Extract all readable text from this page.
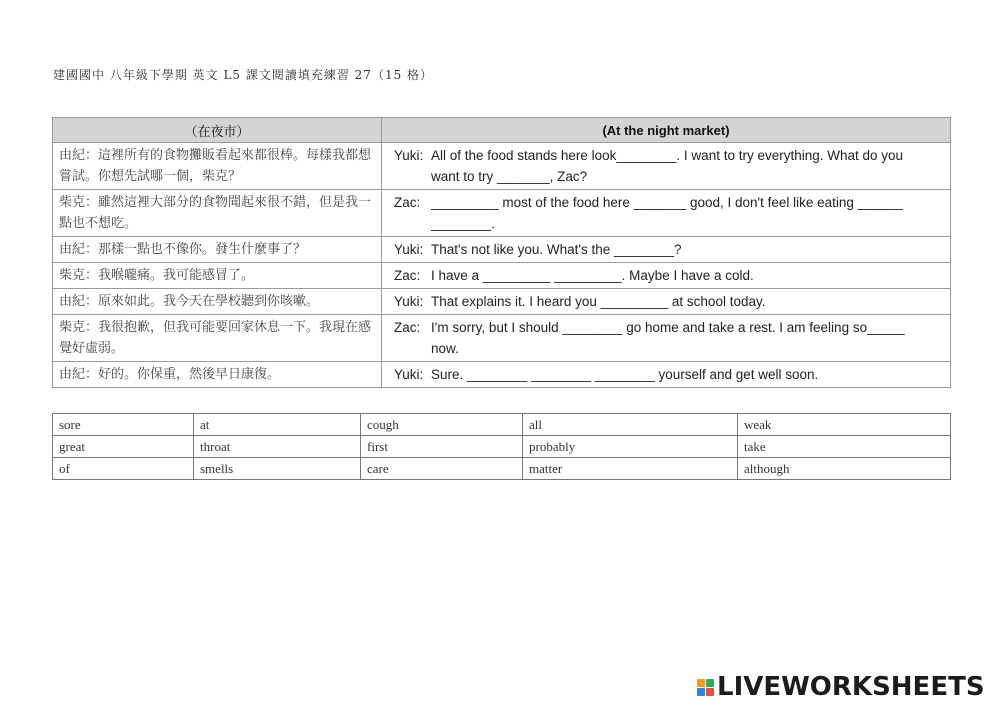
建國國中 八年級下學期 英文 L5 課文閱讀填充練習 27（15 格）
（在夜市）	(At the night market)
由紀：這裡所有的食物攤販看起來都很棒。每樣我都想嘗試。你想先試哪一個，柴克？	Yuki: All of the food stands here look________. I want to try everything. What do you
want to try _______, Zac?

柴克：雖然這裡大部分的食物聞起來很不錯，但是我一點也不想吃。	Zac: _________ most of the food here _______ good, I don't feel like eating ______
________.

由紀：那樣一點也不像你。發生什麼事了？	Yuki: That's not like you. What's the ________?

柴克：我喉嚨痛。我可能感冒了。	Zac: I have a _________ _________. Maybe I have a cold.

由紀：原來如此。我今天在學校聽到你咳嗽。	Yuki: That explains it. I heard you _________ at school today.

柴克：我很抱歉，但我可能要回家休息一下。我現在感覺好虛弱。	Zac: I'm sorry, but I should ________ go home and take a rest. I am feeling so_____
now.

由紀：好的。你保重，然後早日康復。	Yuki: Sure. ________ ________ ________ yourself and get well soon.
sore	at	cough	all	weak
great	throat	first	probably	take
of	smells	care	matter	although
LIVEWORKSHEETS
